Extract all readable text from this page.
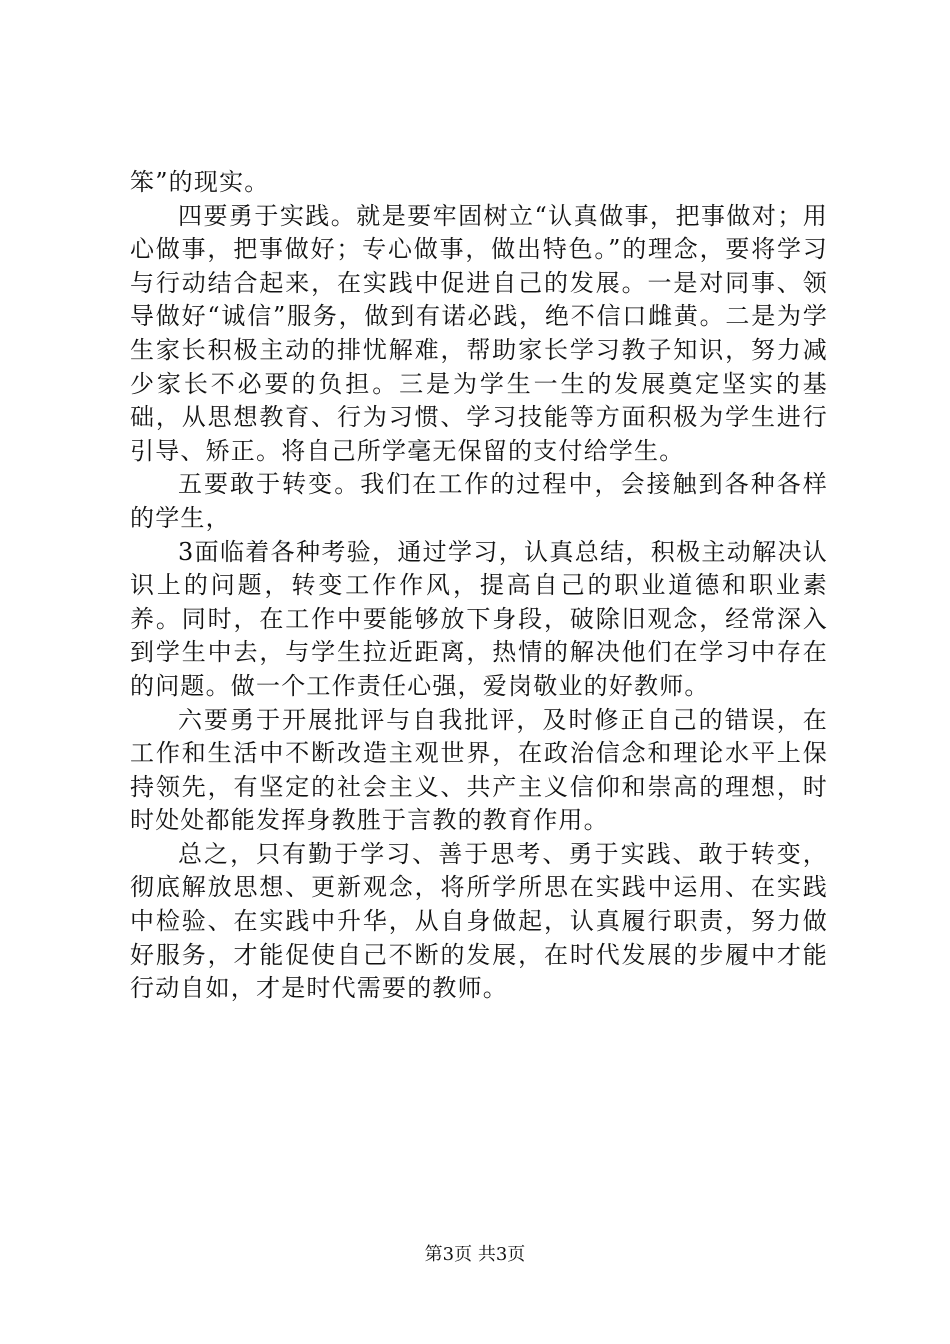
笨”的现实。

四要勇于实践。就是要牢固树立“认真做事，把事做对；用心做事，把事做好；专心做事，做出特色。”的理念，要将学习与行动结合起来，在实践中促进自己的发展。一是对同事、领导做好“诚信”服务，做到有诺必践，绝不信口雌黄。二是为学生家长积极主动的排忧解难，帮助家长学习教子知识，努力减少家长不必要的负担。三是为学生一生的发展奠定坚实的基础，从思想教育、行为习惯、学习技能等方面积极为学生进行引导、矫正。将自己所学毫无保留的支付给学生。

五要敢于转变。我们在工作的过程中，会接触到各种各样的学生，

3面临着各种考验，通过学习，认真总结，积极主动解决认识上的问题，转变工作作风，提高自己的职业道德和职业素养。同时，在工作中要能够放下身段，破除旧观念，经常深入到学生中去，与学生拉近距离，热情的解决他们在学习中存在的问题。做一个工作责任心强，爱岗敬业的好教师。

六要勇于开展批评与自我批评，及时修正自己的错误，在工作和生活中不断改造主观世界，在政治信念和理论水平上保持领先，有坚定的社会主义、共产主义信仰和崇高的理想，时时处处都能发挥身教胜于言教的教育作用。

总之，只有勤于学习、善于思考、勇于实践、敢于转变，彻底解放思想、更新观念，将所学所思在实践中运用、在实践中检验、在实践中升华，从自身做起，认真履行职责，努力做好服务，才能促使自己不断的发展，在时代发展的步履中才能行动自如，才是时代需要的教师。

第3页 共3页
